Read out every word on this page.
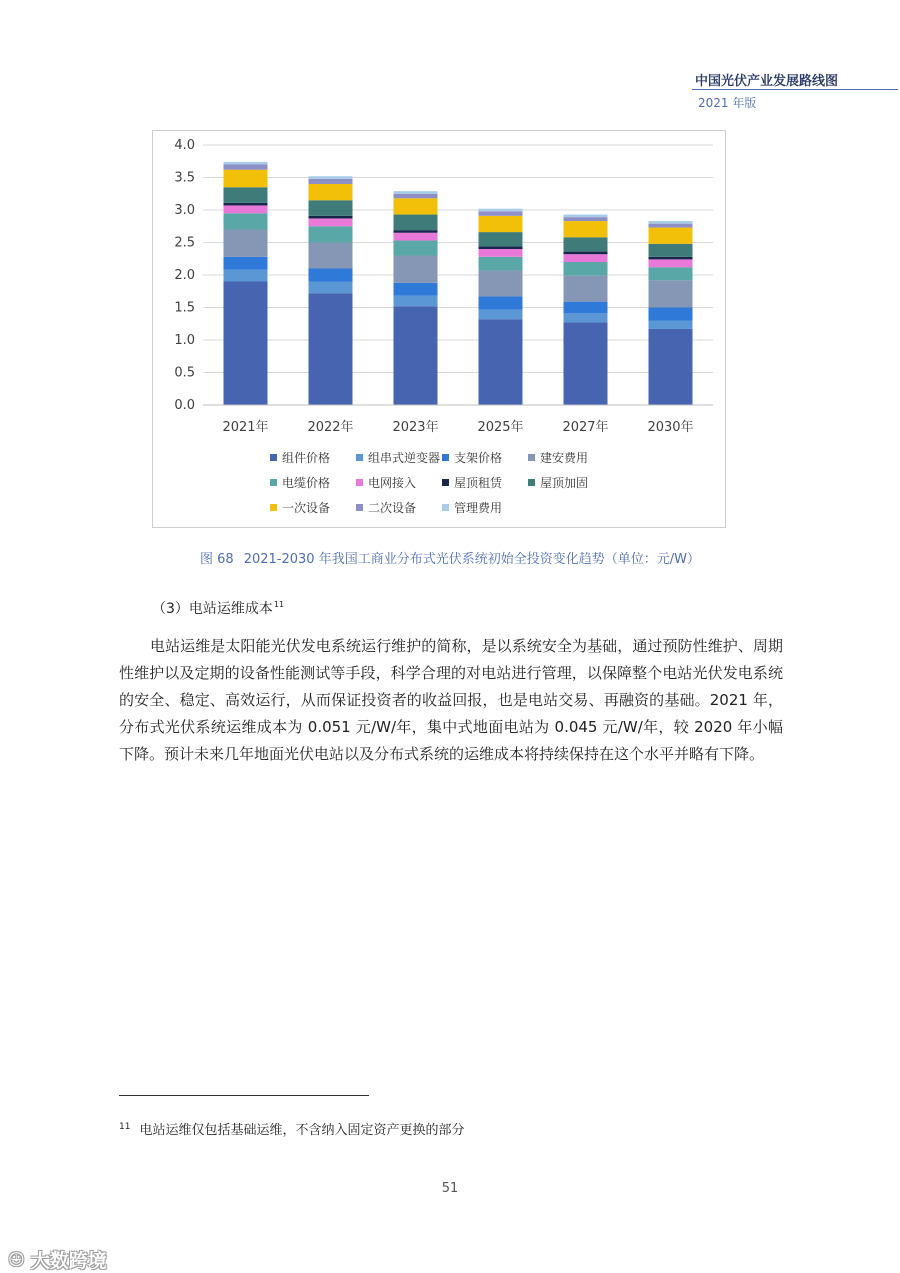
中国光伏产业发展路线图
2021 年版
0.0
0.5
1.0
1.5
2.0
2.5
3.0
3.5
4.0
2021年	2022年	2023年	2025年	2027年	2030年
组件价格	组串式逆变器 支架价格	建安费用
电缆价格	电网接入	屋顶租赁	屋顶加固
一次设备	二次设备	管理费用
图 68 2021-2030 年我国工商业分布式光伏系统初始全投资变化趋势（单位：元/W）
（3）电站运维成本$^{11}$
电站运维是太阳能光伏发电系统运行维护的简称，是以系统安全为基础，通过预防性维护、周期性维护以及定期的设备性能测试等手段，科学合理的对电站进行管理，以保障整个电站光伏发电系统的安全、稳定、高效运行，从而保证投资者的收益回报，也是电站交易、再融资的基础。2021 年，分布式光伏系统运维成本为 0.051 元/W/年，集中式地面电站为 0.045 元/W/年，较 2020 年小幅下降。预计未来几年地面光伏电站以及分布式系统的运维成本将持续保持在这个水平并略有下降。
$^{11}$ 电站运维仅包括基础运维，不含纳入固定资产更换的部分
51
☺ 大数跨境
